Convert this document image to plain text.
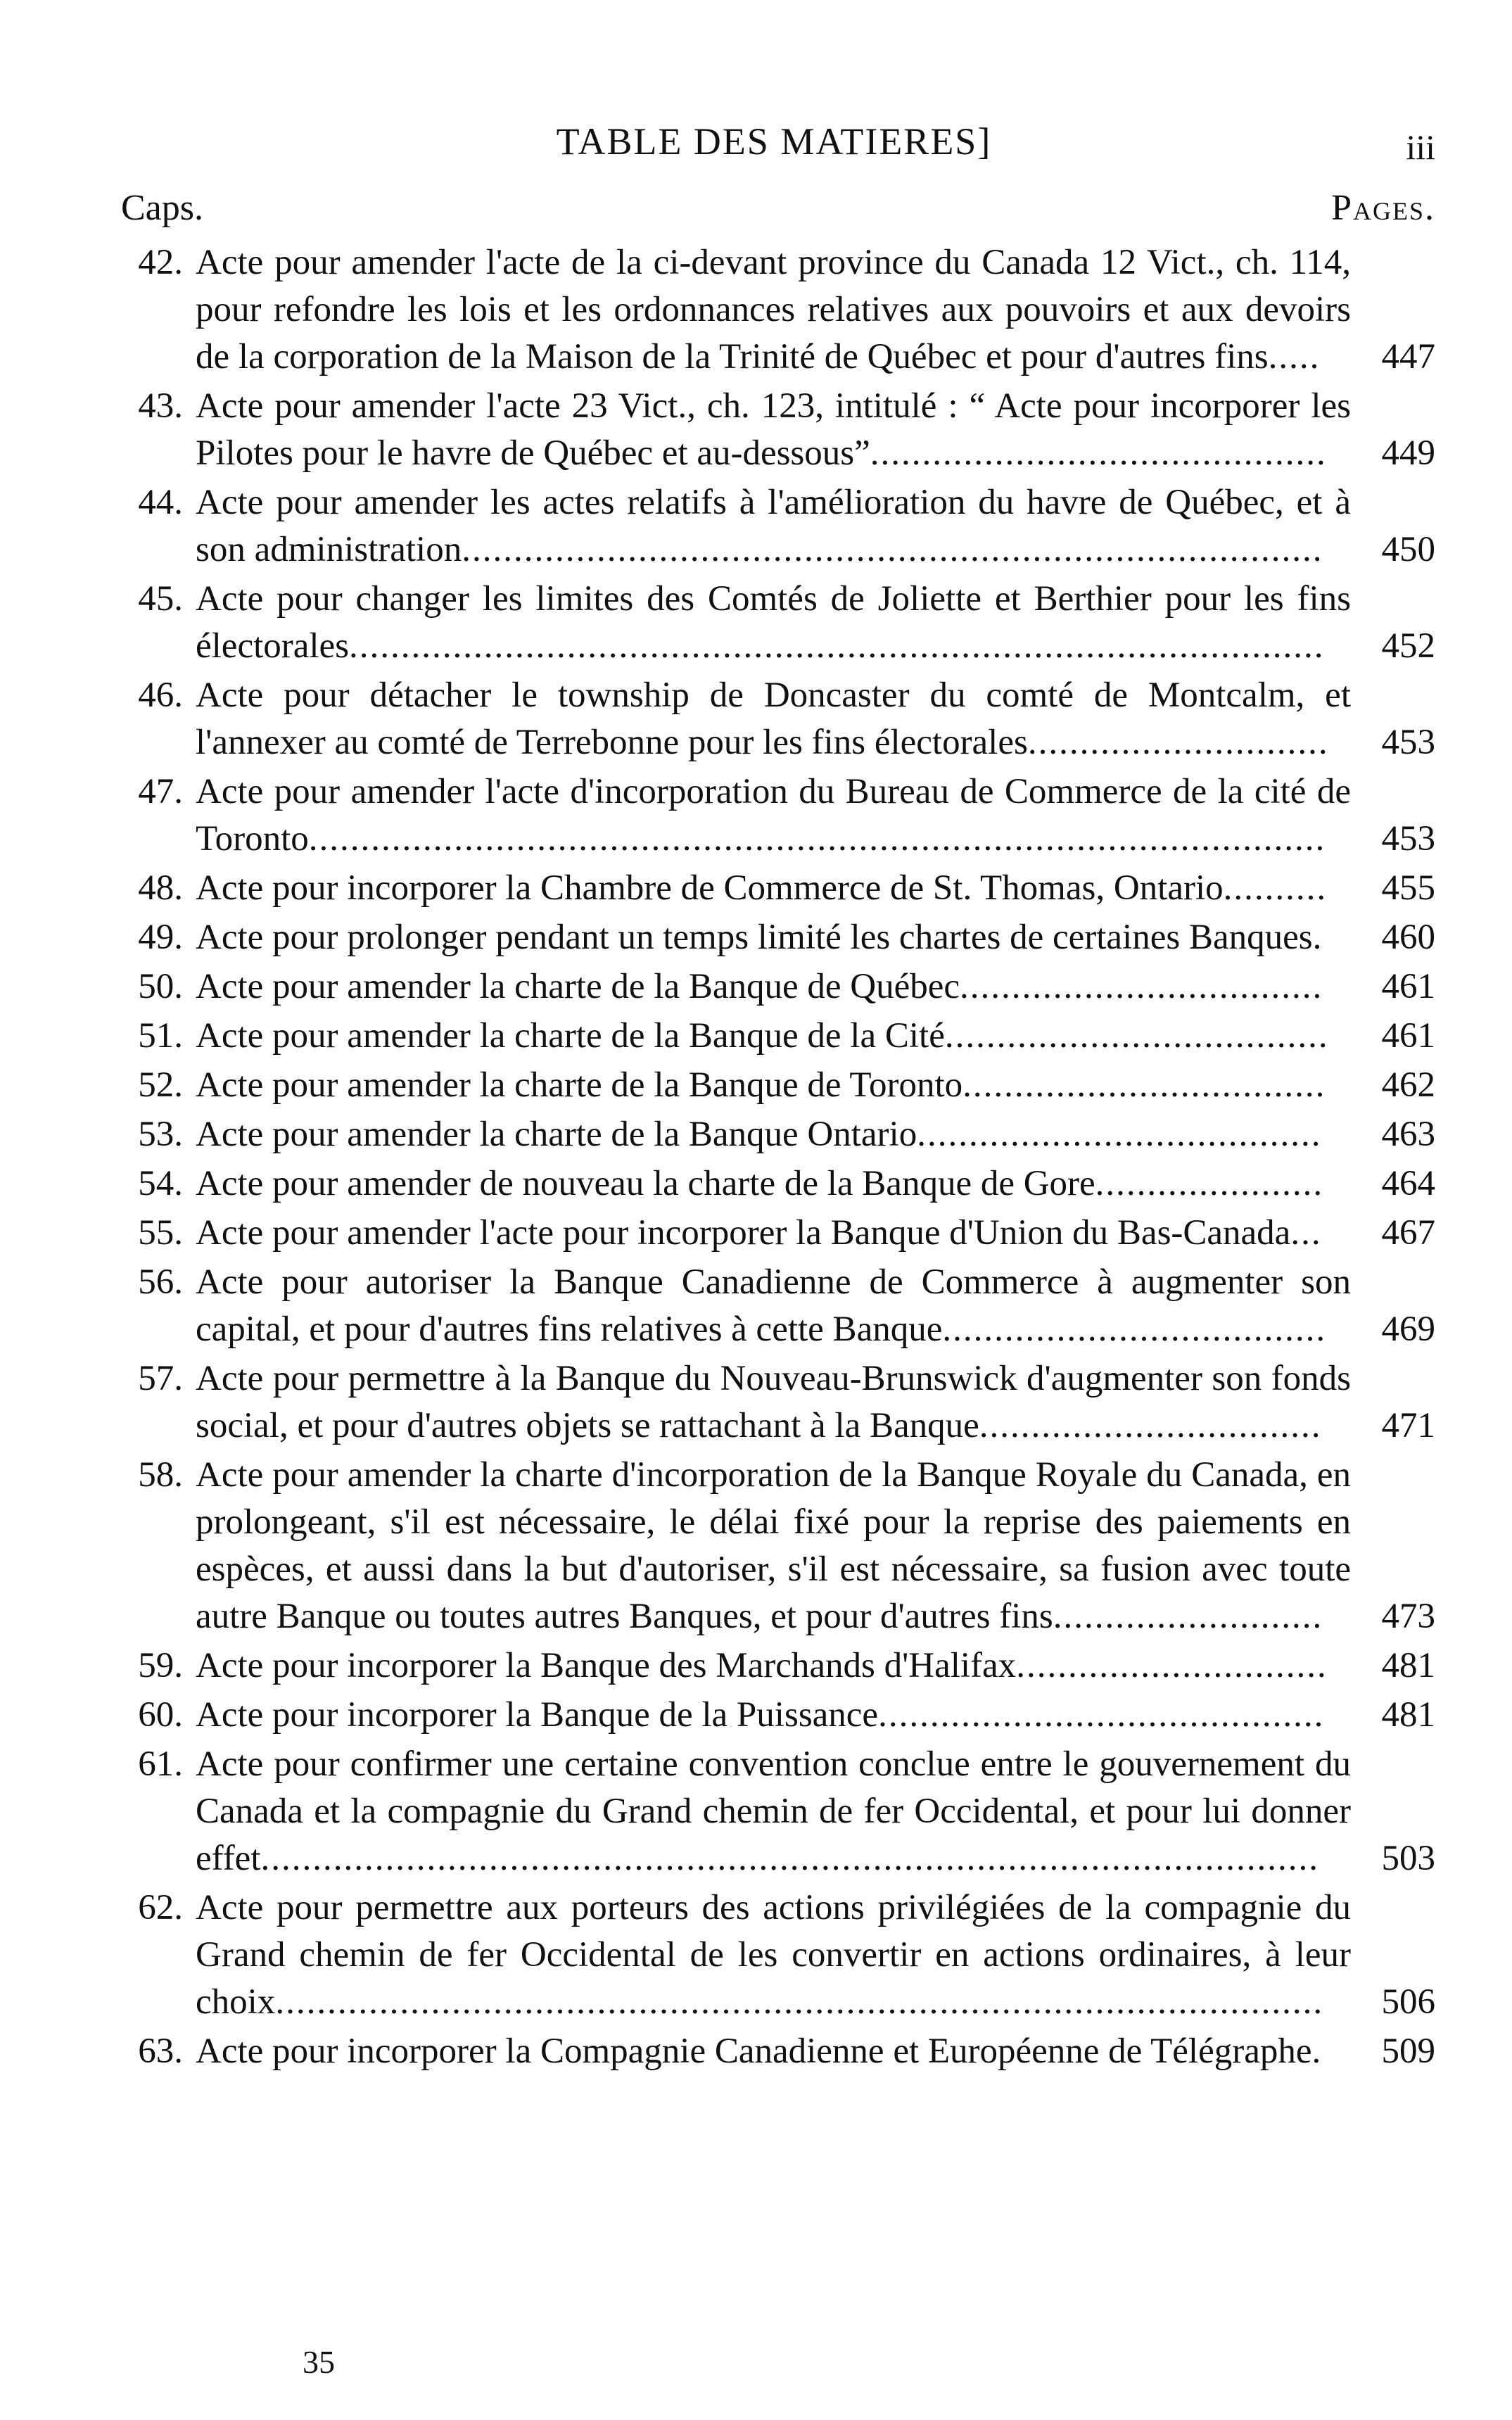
TABLE DES MATIERES]	iii
Caps.	Pages.
42. Acte pour amender l'acte de la ci-devant province du Canada 12 Vict., ch. 114, pour refondre les lois et les ordonnances relatives aux pouvoirs et aux devoirs de la corporation de la Maison de la Trinité de Québec et pour d'autres fins.....	447
43. Acte pour amender l'acte 23 Vict., ch. 123, intitulé : “ Acte pour incorporer les Pilotes pour le havre de Québec et au-dessous”............................................	449
44. Acte pour amender les actes relatifs à l'amélioration du havre de Québec, et à son administration...................................................................................	450
45. Acte pour changer les limites des Comtés de Joliette et Berthier pour les fins électorales..............................................................................................	452
46. Acte pour détacher le township de Doncaster du comté de Montcalm, et l'annexer au comté de Terrebonne pour les fins électorales.............................	453
47. Acte pour amender l'acte d'incorporation du Bureau de Commerce de la cité de Toronto..................................................................................................	453
48. Acte pour incorporer la Chambre de Commerce de St. Thomas, Ontario..........	455
49. Acte pour prolonger pendant un temps limité les chartes de certaines Banques.	460
50. Acte pour amender la charte de la Banque de Québec...................................	461
51. Acte pour amender la charte de la Banque de la Cité.....................................	461
52. Acte pour amender la charte de la Banque de Toronto...................................	462
53. Acte pour amender la charte de la Banque Ontario.......................................	463
54. Acte pour amender de nouveau la charte de la Banque de Gore......................	464
55. Acte pour amender l'acte pour incorporer la Banque d'Union du Bas-Canada...	467
56. Acte pour autoriser la Banque Canadienne de Commerce à augmenter son capital, et pour d'autres fins relatives à cette Banque.....................................	469
57. Acte pour permettre à la Banque du Nouveau-Brunswick d'augmenter son fonds social, et pour d'autres objets se rattachant à la Banque.................................	471
58. Acte pour amender la charte d'incorporation de la Banque Royale du Canada, en prolongeant, s'il est nécessaire, le délai fixé pour la reprise des paiements en espèces, et aussi dans la but d'autoriser, s'il est nécessaire, sa fusion avec toute autre Banque ou toutes autres Banques, et pour d'autres fins..........................	473
59. Acte pour incorporer la Banque des Marchands d'Halifax..............................	481
60. Acte pour incorporer la Banque de la Puissance...........................................	481
61. Acte pour confirmer une certaine convention conclue entre le gouvernement du Canada et la compagnie du Grand chemin de fer Occidental, et pour lui donner effet......................................................................................................	503
62. Acte pour permettre aux porteurs des actions privilégiées de la compagnie du Grand chemin de fer Occidental de les convertir en actions ordinaires, à leur choix.....................................................................................................	506
63. Acte pour incorporer la Compagnie Canadienne et Européenne de Télégraphe.	509
35
